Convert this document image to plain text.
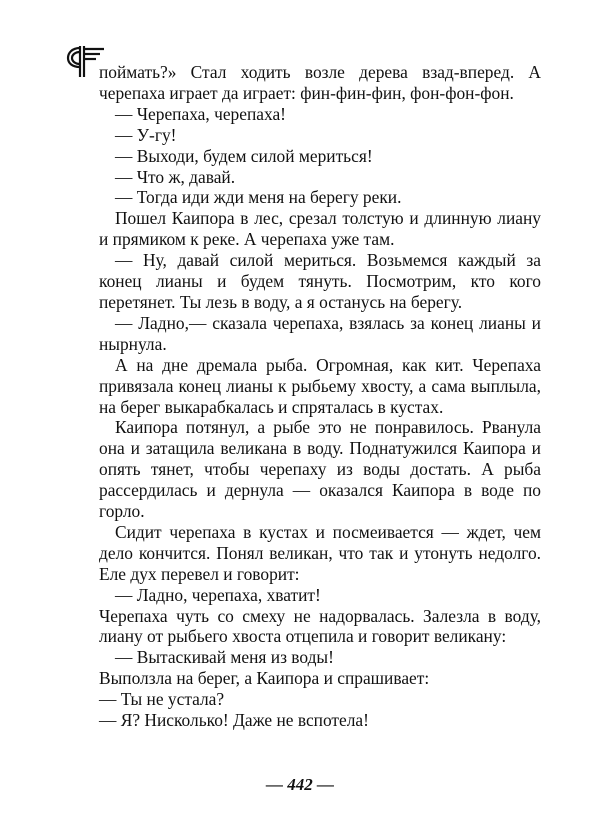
поймать?» Стал ходить возле дерева взад-вперед. А черепаха играет да играет: фин-фин-фин, фон-фон-фон.

— Черепаха, черепаха!

— У-гу!

— Выходи, будем силой мериться!

— Что ж, давай.

— Тогда иди жди меня на берегу реки.

Пошел Каипора в лес, срезал толстую и длинную лиану и прямиком к реке. А черепаха уже там.

— Ну, давай силой мериться. Возьмемся каждый за конец лианы и будем тянуть. Посмотрим, кто кого перетянет. Ты лезь в воду, а я останусь на берегу.

— Ладно,— сказала черепаха, взялась за конец лианы и нырнула.

А на дне дремала рыба. Огромная, как кит. Черепаха привязала конец лианы к рыбьему хвосту, а сама выплыла, на берег выкарабкалась и спряталась в кустах.

Каипора потянул, а рыбе это не понравилось. Рванула она и затащила великана в воду. Поднатужился Каипора и опять тянет, чтобы черепаху из воды достать. А рыба рассердилась и дернула — оказался Каипора в воде по горло.

Сидит черепаха в кустах и посмеивается — ждет, чем дело кончится. Понял великан, что так и утонуть недолго. Еле дух перевел и говорит:

— Ладно, черепаха, хватит!

Черепаха чуть со смеху не надорвалась. Залезла в воду, лиану от рыбьего хвоста отцепила и говорит великану:

— Вытаскивай меня из воды!

Выползла на берег, а Каипора и спрашивает:

— Ты не устала?

— Я? Нисколько! Даже не вспотела!

— 442 —
